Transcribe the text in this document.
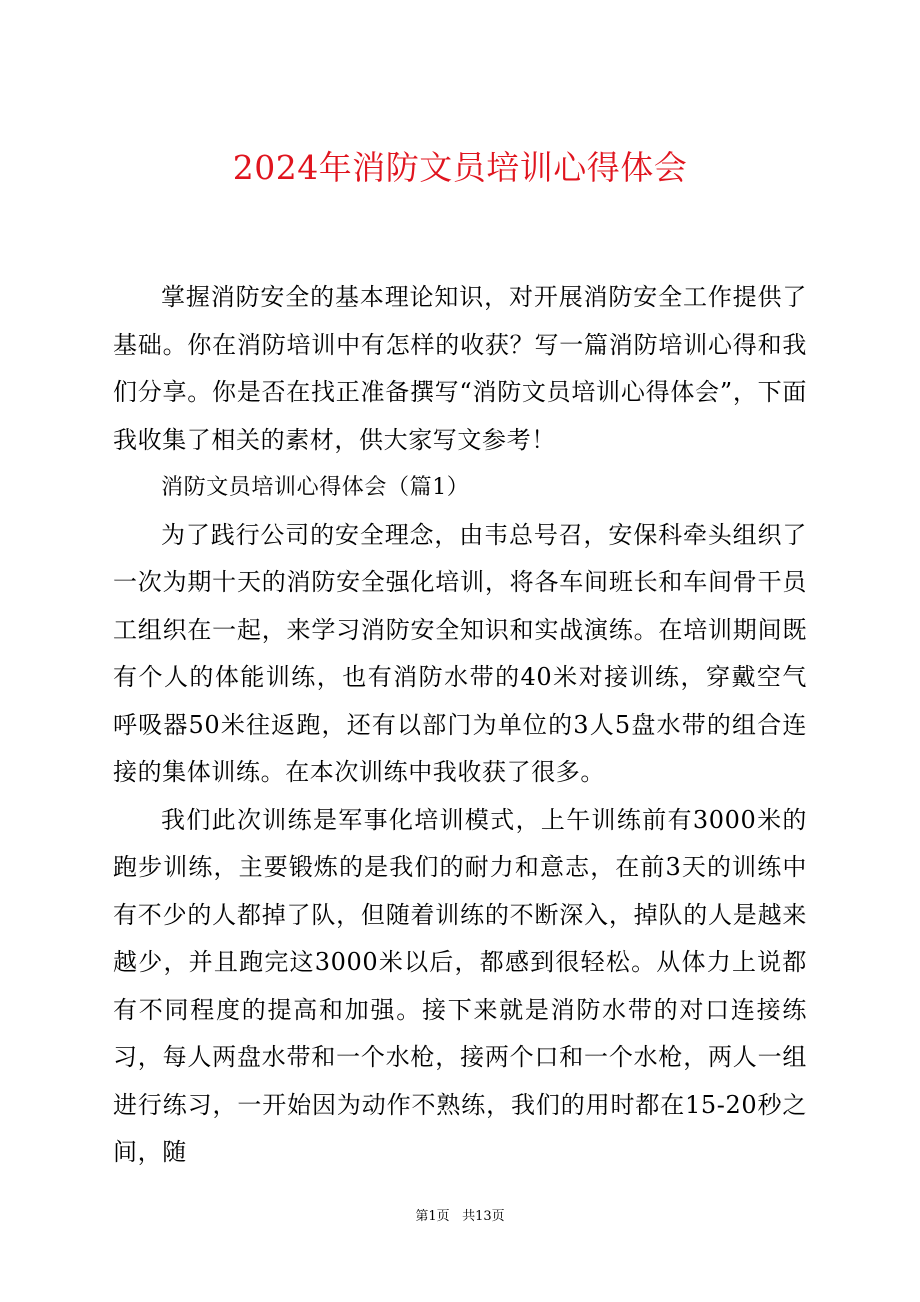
2024年消防文员培训心得体会

掌握消防安全的基本理论知识，对开展消防安全工作提供了基础。你在消防培训中有怎样的收获？写一篇消防培训心得和我们分享。你是否在找正准备撰写“消防文员培训心得体会”，下面我收集了相关的素材，供大家写文参考！

消防文员培训心得体会（篇1）

为了践行公司的安全理念，由韦总号召，安保科牵头组织了一次为期十天的消防安全强化培训，将各车间班长和车间骨干员工组织在一起，来学习消防安全知识和实战演练。在培训期间既有个人的体能训练，也有消防水带的40米对接训练，穿戴空气呼吸器50米往返跑，还有以部门为单位的3人5盘水带的组合连接的集体训练。在本次训练中我收获了很多。

我们此次训练是军事化培训模式，上午训练前有3000米的跑步训练，主要锻炼的是我们的耐力和意志，在前3天的训练中有不少的人都掉了队，但随着训练的不断深入，掉队的人是越来越少，并且跑完这3000米以后，都感到很轻松。从体力上说都有不同程度的提高和加强。接下来就是消防水带的对口连接练习，每人两盘水带和一个水枪，接两个口和一个水枪，两人一组进行练习，一开始因为动作不熟练，我们的用时都在15-20秒之间，随

第1页 共13页
